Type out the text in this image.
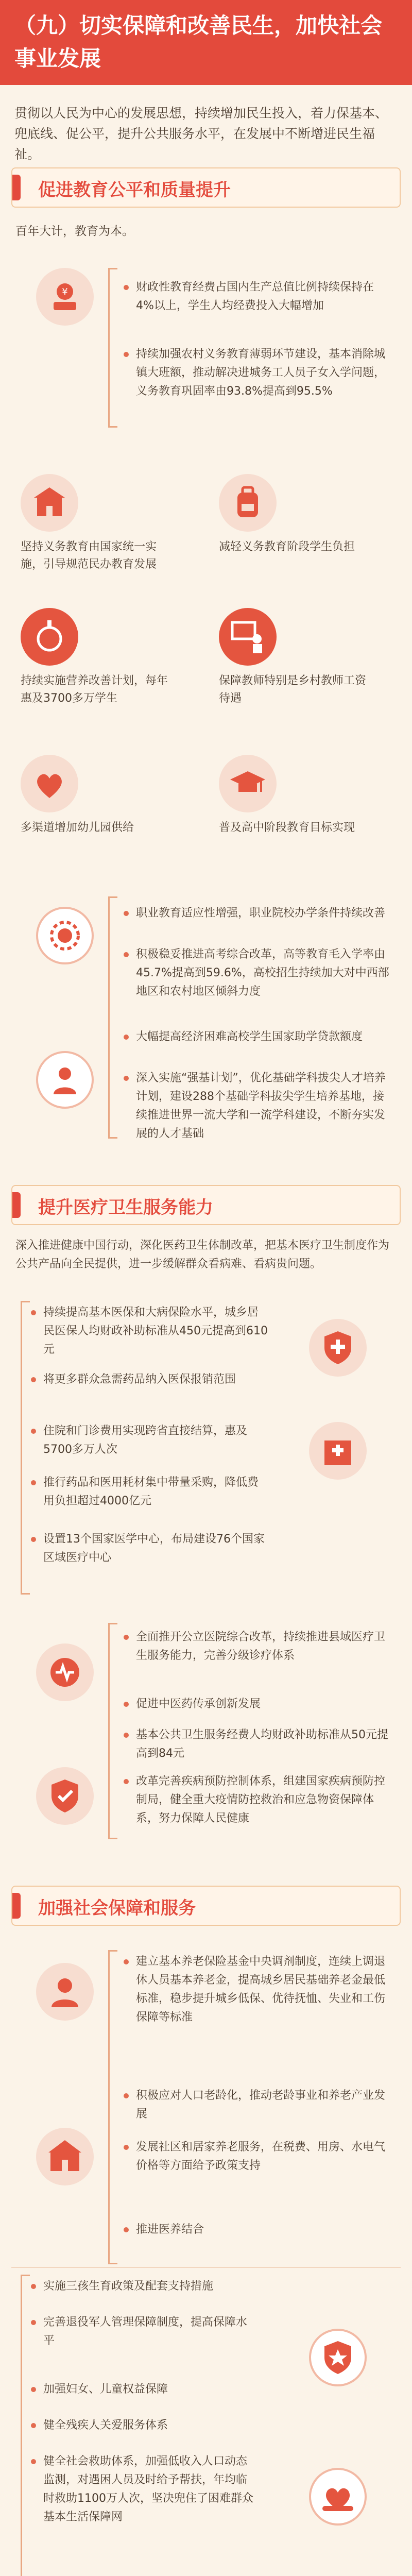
（九）切实保障和改善民生，加快社会事业发展

贯彻以人民为中心的发展思想，持续增加民生投入，着力保基本、兜底线、促公平，提升公共服务水平，在发展中不断增进民生福祉。

促进教育公平和质量提升
百年大计，教育为本。
¥	财政性教育经费占国内生产总值比例持续保持在4%以上，学生人均经费投入大幅增加
持续加强农村义务教育薄弱环节建设，基本消除城镇大班额，推动解决进城务工人员子女入学问题，义务教育巩固率由93.8%提高到95.5%
坚持义务教育由国家统一实施，引导规范民办教育发展
减轻义务教育阶段学生负担
持续实施营养改善计划，每年惠及3700多万学生
保障教师特别是乡村教师工资待遇
多渠道增加幼儿园供给	普及高中阶段教育目标实现
职业教育适应性增强，职业院校办学条件持续改善
积极稳妥推进高考综合改革，高等教育毛入学率由45.7%提高到59.6%，高校招生持续加大对中西部地区和农村地区倾斜力度
大幅提高经济困难高校学生国家助学贷款额度
深入实施“强基计划”，优化基础学科拔尖人才培养计划，建设288个基础学科拔尖学生培养基地，接续推进世界一流大学和一流学科建设，不断夯实发展的人才基础
提升医疗卫生服务能力
深入推进健康中国行动，深化医药卫生体制改革，把基本医疗卫生制度作为公共产品向全民提供，进一步缓解群众看病难、看病贵问题。
持续提高基本医保和大病保险水平，城乡居民医保人均财政补助标准从450元提高到610元
将更多群众急需药品纳入医保报销范围
住院和门诊费用实现跨省直接结算，惠及5700多万人次
推行药品和医用耗材集中带量采购，降低费用负担超过4000亿元
设置13个国家医学中心，布局建设76个国家区域医疗中心
全面推开公立医院综合改革，持续推进县域医疗卫生服务能力，完善分级诊疗体系
促进中医药传承创新发展
基本公共卫生服务经费人均财政补助标准从50元提高到84元
改革完善疾病预防控制体系，组建国家疾病预防控制局，健全重大疫情防控救治和应急物资保障体系，努力保障人民健康
加强社会保障和服务
建立基本养老保险基金中央调剂制度，连续上调退休人员基本养老金，提高城乡居民基础养老金最低标准，稳步提升城乡低保、优待抚恤、失业和工伤保障等标准
积极应对人口老龄化，推动老龄事业和养老产业发展
发展社区和居家养老服务，在税费、用房、水电气价格等方面给予政策支持
推进医养结合
实施三孩生育政策及配套支持措施
完善退役军人管理保障制度，提高保障水平
加强妇女、儿童权益保障
健全残疾人关爱服务体系
健全社会救助体系，加强低收入人口动态监测，对遇困人员及时给予帮扶，年均临时救助1100万人次，坚决兜住了困难群众基本生活保障网
